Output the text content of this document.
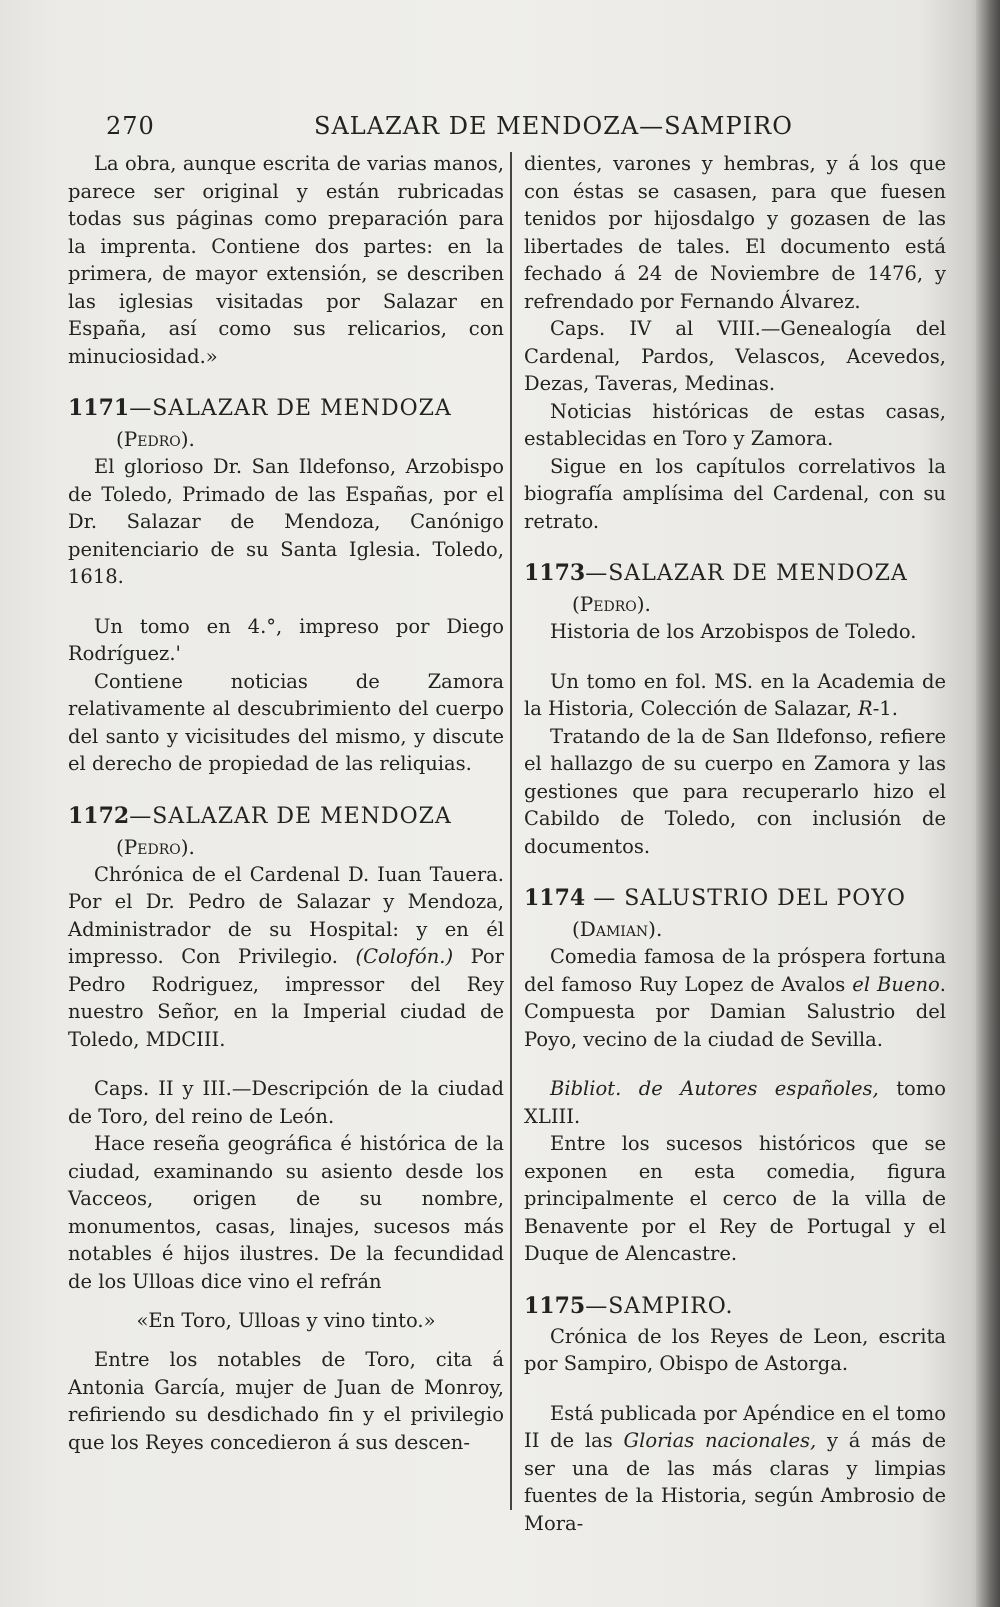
270	SALAZAR DE MENDOZA—SAMPIRO

La obra, aunque escrita de varias manos, parece ser original y están rubricadas todas sus páginas como preparación para la imprenta. Contiene dos partes: en la primera, de mayor extensión, se describen las iglesias visitadas por Salazar en España, así como sus relicarios, con minuciosidad.»

1171—SALAZAR DE MENDOZA

(Pedro).

El glorioso Dr. San Ildefonso, Arzobispo de Toledo, Primado de las Españas, por el Dr. Salazar de Mendoza, Canónigo penitenciario de su Santa Iglesia. Toledo, 1618.

Un tomo en 4.°, impreso por Diego Rodríguez.'

Contiene noticias de Zamora relativamente al descubrimiento del cuerpo del santo y vicisitudes del mismo, y discute el derecho de propiedad de las reliquias.

1172—SALAZAR DE MENDOZA

(Pedro).

Chrónica de el Cardenal D. Iuan Tauera. Por el Dr. Pedro de Salazar y Mendoza, Administrador de su Hospital: y en él impresso. Con Privilegio. (Colofón.) Por Pedro Rodriguez, impressor del Rey nuestro Señor, en la Imperial ciudad de Toledo, MDCIII.

Caps. II y III.—Descripción de la ciudad de Toro, del reino de León.

Hace reseña geográfica é histórica de la ciudad, examinando su asiento desde los Vacceos, origen de su nombre, monumentos, casas, linajes, sucesos más notables é hijos ilustres. De la fecundidad de los Ulloas dice vino el refrán

«En Toro, Ulloas y vino tinto.»

Entre los notables de Toro, cita á Antonia García, mujer de Juan de Monroy, refiriendo su desdichado fin y el privilegio que los Reyes concedieron á sus descen-

dientes, varones y hembras, y á los que con éstas se casasen, para que fuesen tenidos por hijosdalgo y gozasen de las libertades de tales. El documento está fechado á 24 de Noviembre de 1476, y refrendado por Fernando Álvarez.

Caps. IV al VIII.—Genealogía del Cardenal, Pardos, Velascos, Acevedos, Dezas, Taveras, Medinas.

Noticias históricas de estas casas, establecidas en Toro y Zamora.

Sigue en los capítulos correlativos la biografía amplísima del Cardenal, con su retrato.

1173—SALAZAR DE MENDOZA

(Pedro).

Historia de los Arzobispos de Toledo.

Un tomo en fol. MS. en la Academia de la Historia, Colección de Salazar, R-1.

Tratando de la de San Ildefonso, refiere el hallazgo de su cuerpo en Zamora y las gestiones que para recuperarlo hizo el Cabildo de Toledo, con inclusión de documentos.

1174 — SALUSTRIO DEL POYO

(Damian).

Comedia famosa de la próspera fortuna del famoso Ruy Lopez de Avalos el Bueno. Compuesta por Damian Salustrio del Poyo, vecino de la ciudad de Sevilla.

Bibliot. de Autores españoles, tomo XLIII.

Entre los sucesos históricos que se exponen en esta comedia, figura principalmente el cerco de la villa de Benavente por el Rey de Portugal y el Duque de Alencastre.

1175—SAMPIRO.

Crónica de los Reyes de Leon, escrita por Sampiro, Obispo de Astorga.

Está publicada por Apéndice en el tomo II de las Glorias nacionales, y á más de ser una de las más claras y limpias fuentes de la Historia, según Ambrosio de Mora-
